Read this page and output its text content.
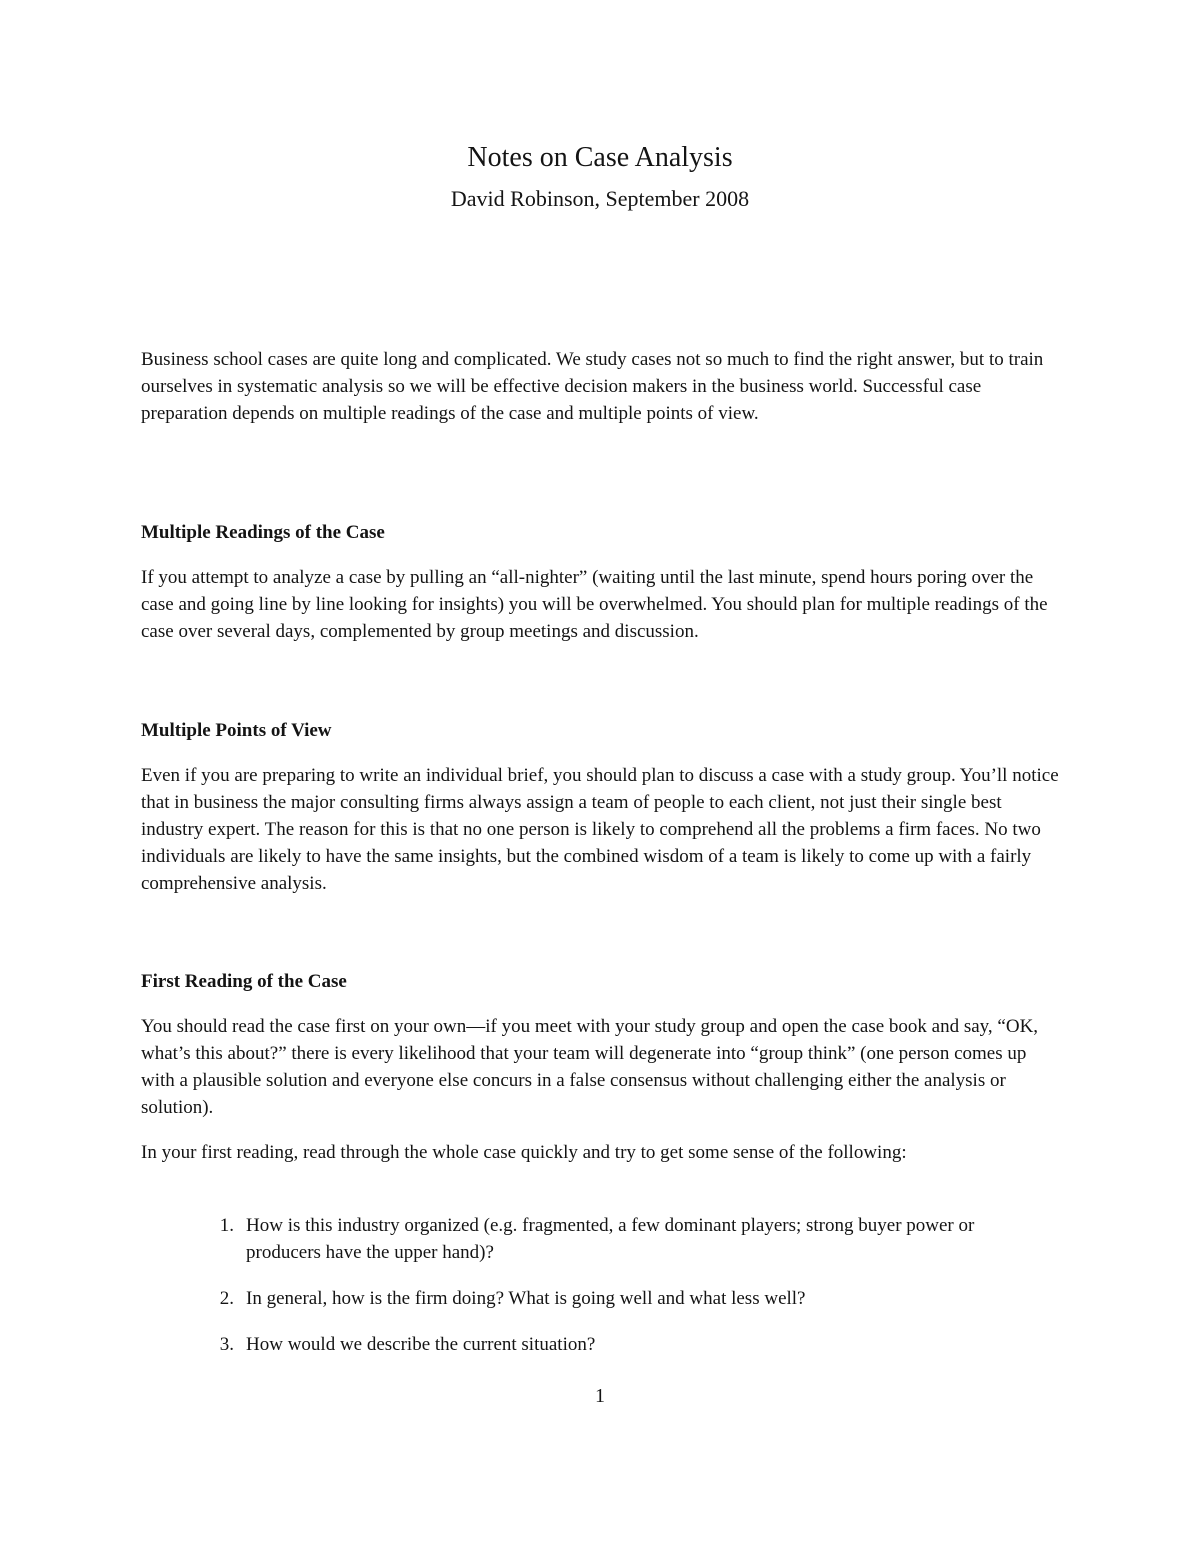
Notes on Case Analysis
David Robinson, September 2008

Business school cases are quite long and complicated. We study cases not so much to find the right answer, but to train ourselves in systematic analysis so we will be effective decision makers in the business world. Successful case preparation depends on multiple readings of the case and multiple points of view.

Multiple Readings of the Case

If you attempt to analyze a case by pulling an “all-nighter” (waiting until the last minute, spend hours poring over the case and going line by line looking for insights) you will be overwhelmed. You should plan for multiple readings of the case over several days, complemented by group meetings and discussion.

Multiple Points of View

Even if you are preparing to write an individual brief, you should plan to discuss a case with a study group. You’ll notice that in business the major consulting firms always assign a team of people to each client, not just their single best industry expert. The reason for this is that no one person is likely to comprehend all the problems a firm faces. No two individuals are likely to have the same insights, but the combined wisdom of a team is likely to come up with a fairly comprehensive analysis.

First Reading of the Case

You should read the case first on your own—if you meet with your study group and open the case book and say, “OK, what’s this about?” there is every likelihood that your team will degenerate into “group think” (one person comes up with a plausible solution and everyone else concurs in a false consensus without challenging either the analysis or solution).

In your first reading, read through the whole case quickly and try to get some sense of the following:

1. How is this industry organized (e.g. fragmented, a few dominant players; strong buyer power or producers have the upper hand)?
2. In general, how is the firm doing? What is going well and what less well?
3. How would we describe the current situation?
1
